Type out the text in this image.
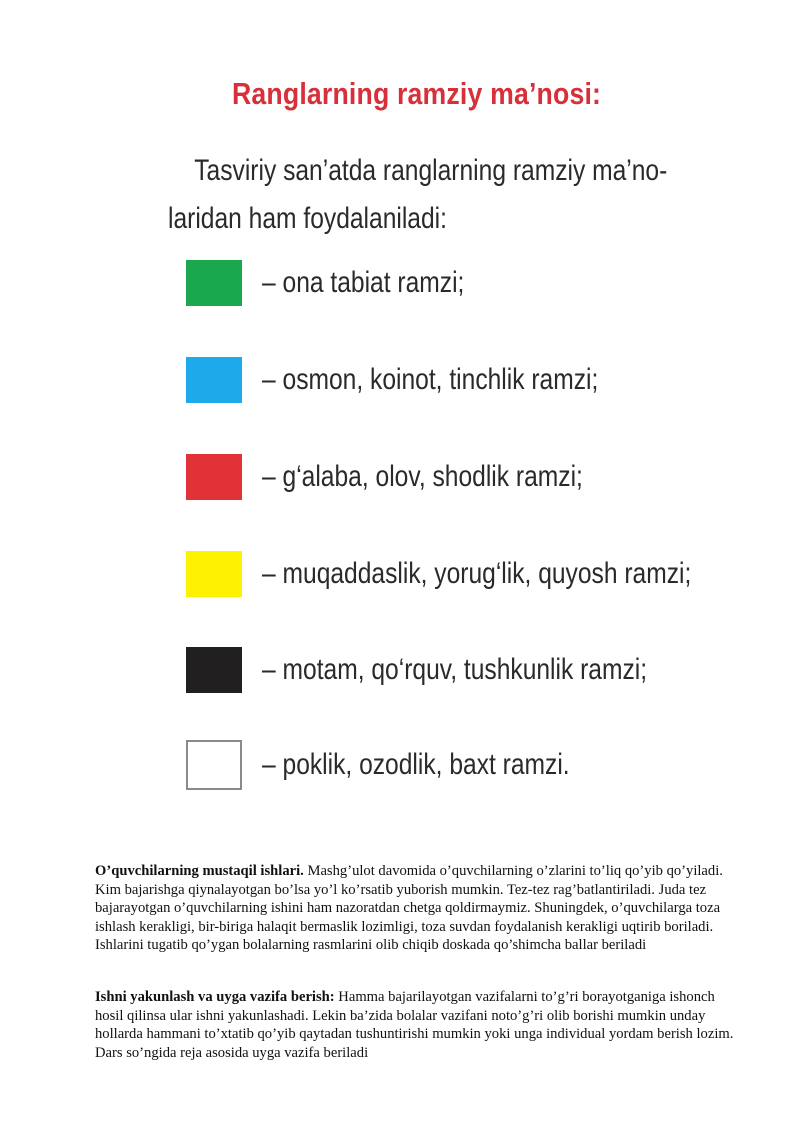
Ranglarning ramziy ma’nosi:

Tasviriy san’atda ranglarning ramziy ma’no-
laridan ham foydalaniladi:

– ona tabiat ramzi;
– osmon, koinot, tinchlik ramzi;
– g‘alaba, olov, shodlik ramzi;
– muqaddaslik, yorug‘lik, quyosh ramzi;
– motam, qo‘rquv, tushkunlik ramzi;
– poklik, ozodlik, baxt ramzi.

O’quvchilarning mustaqil ishlari. Mashg’ulot davomida o’quvchilarning o’zlarini to’liq qo’yib qo’yiladi. Kim bajarishga qiynalayotgan bo’lsa yo’l ko’rsatib yuborish mumkin. Tez-tez rag’batlantiriladi. Juda tez bajarayotgan o’quvchilarning ishini ham nazoratdan chetga qoldirmaymiz. Shuningdek, o’quvchilarga toza ishlash kerakligi, bir-biriga halaqit bermaslik lozimligi, toza suvdan foydalanish kerakligi uqtirib boriladi. Ishlarini tugatib qo’ygan bolalarning rasmlarini olib chiqib doskada qo’shimcha ballar beriladi

Ishni yakunlash va uyga vazifa berish: Hamma bajarilayotgan vazifalarni to’g’ri borayotganiga ishonch hosil qilinsa ular ishni yakunlashadi. Lekin ba’zida bolalar vazifani noto’g’ri olib borishi mumkin unday hollarda hammani to’xtatib qo’yib qaytadan tushuntirishi mumkin yoki unga individual yordam berish lozim. Dars so’ngida reja asosida uyga vazifa beriladi
